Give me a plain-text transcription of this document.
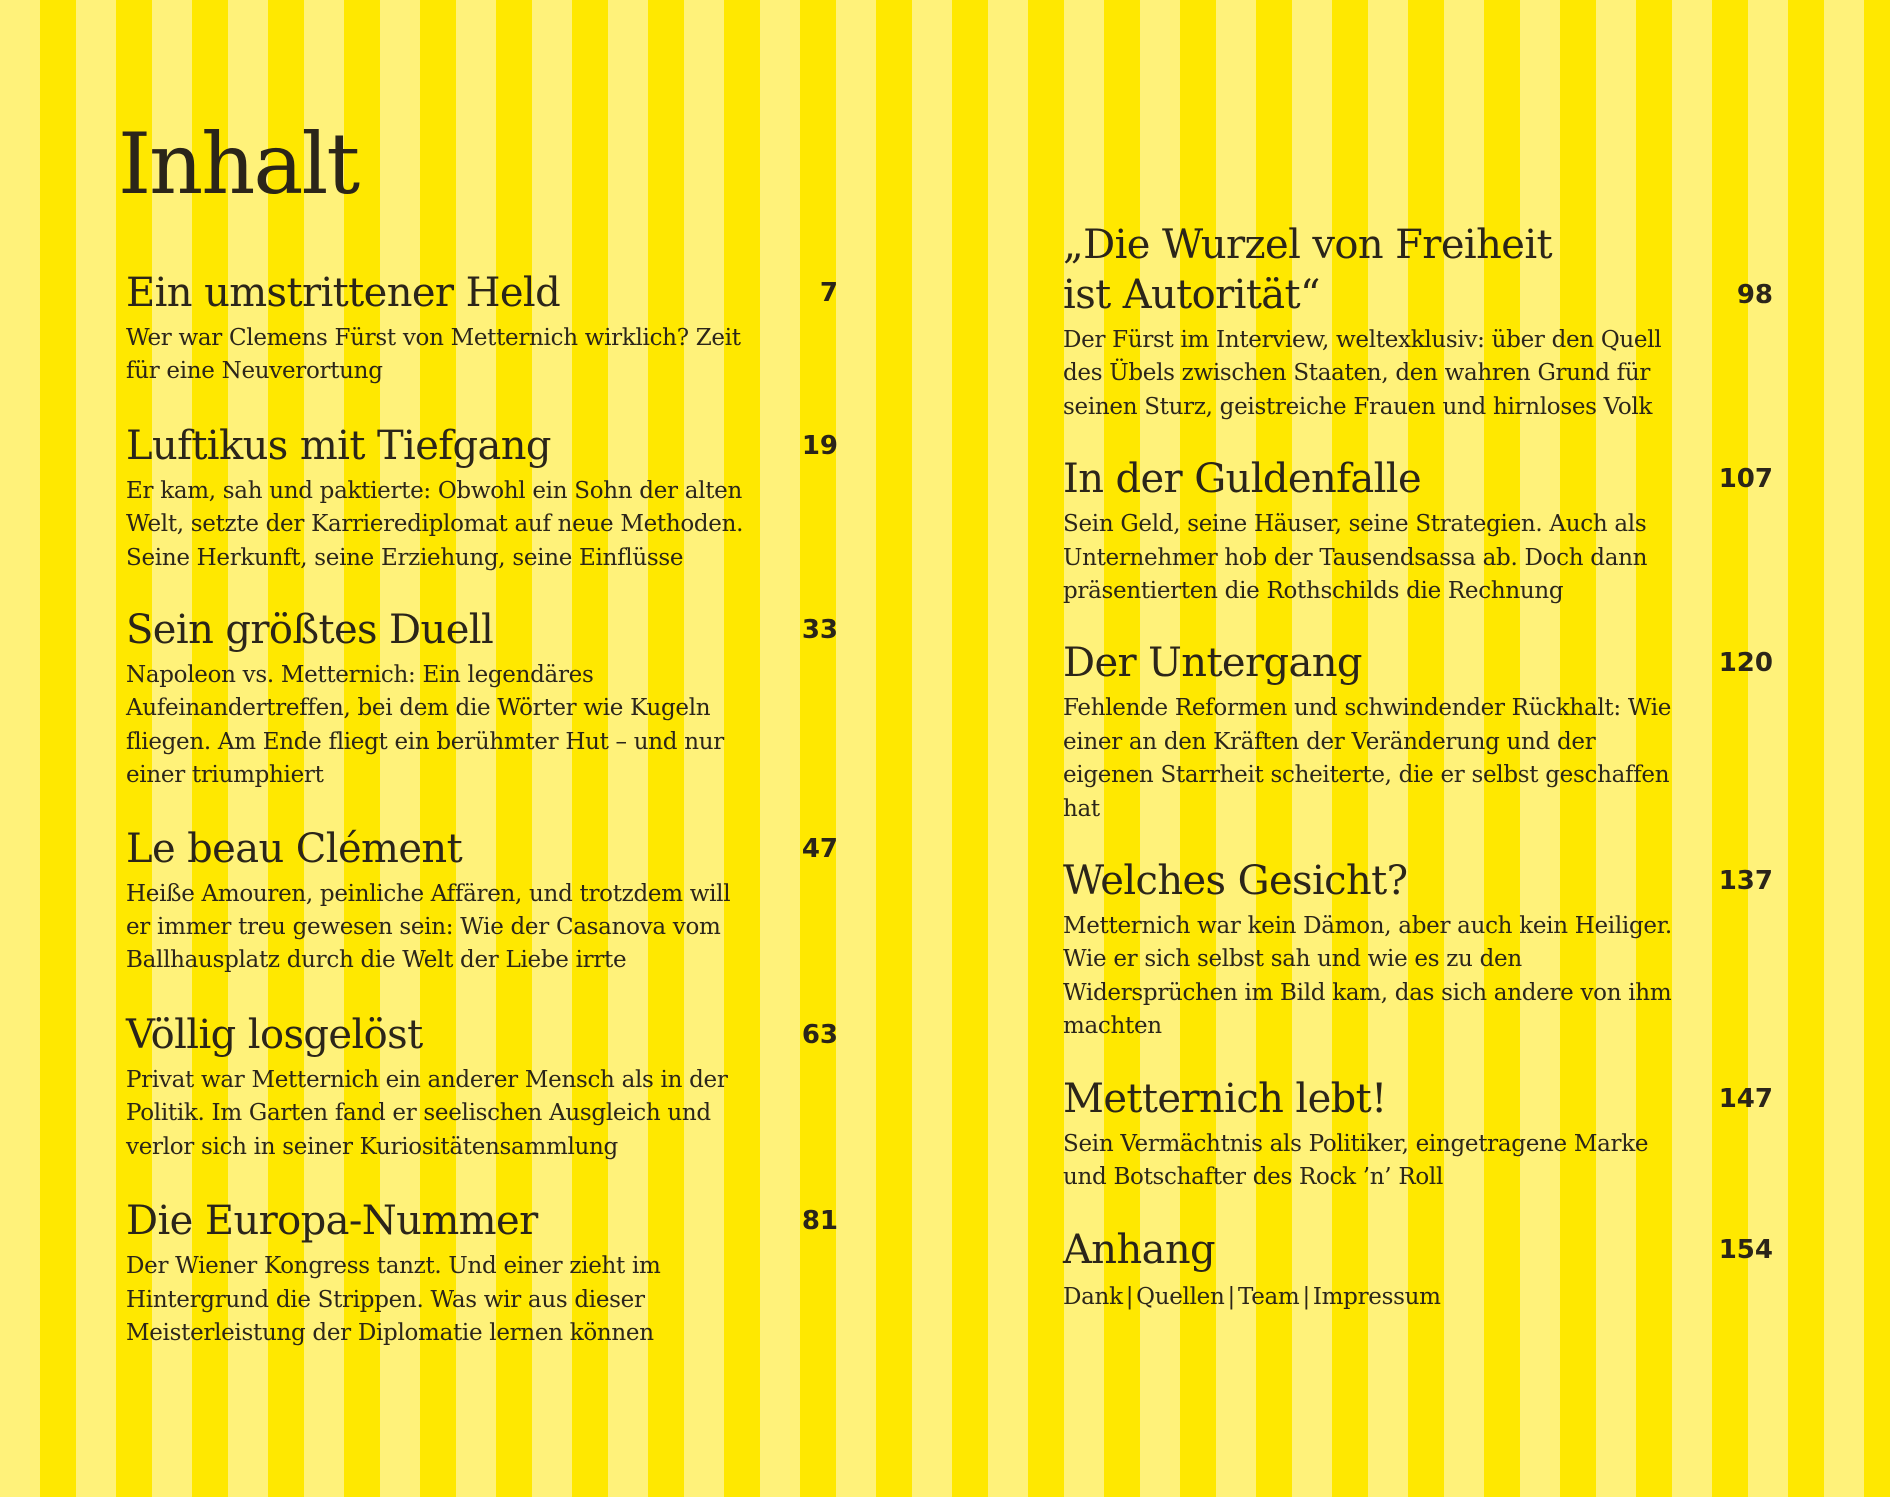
Inhalt
Ein umstrittener Held	7

Wer war Clemens Fürst von Metternich wirklich? Zeit für eine Neuverortung

Luftikus mit Tiefgang	19

Er kam, sah und paktierte: Obwohl ein Sohn der alten Welt, setzte der Karrierediplomat auf neue Methoden. Seine Herkunft, seine Erziehung, seine Einflüsse

Sein größtes Duell	33

Napoleon vs. Metternich: Ein legendäres Aufeinandertreffen, bei dem die Wörter wie Kugeln fliegen. Am Ende fliegt ein berühmter Hut – und nur einer triumphiert

Le beau Clément	47

Heiße Amouren, peinliche Affären, und trotzdem will er immer treu gewesen sein: Wie der Casanova vom Ballhausplatz durch die Welt der Liebe irrte

Völlig losgelöst	63

Privat war Metternich ein anderer Mensch als in der Politik. Im Garten fand er seelischen Ausgleich und verlor sich in seiner Kuriositätensammlung

Die Europa-Nummer	81

Der Wiener Kongress tanzt. Und einer zieht im Hintergrund die Strippen. Was wir aus dieser Meisterleistung der Diplomatie lernen können

„Die Wurzel von Freiheit
ist Autorität“	98

Der Fürst im Interview, weltexklusiv: über den Quell des Übels zwischen Staaten, den wahren Grund für seinen Sturz, geistreiche Frauen und hirnloses Volk

In der Guldenfalle	107

Sein Geld, seine Häuser, seine Strategien. Auch als Unternehmer hob der Tausendsassa ab. Doch dann präsentierten die Rothschilds die Rechnung

Der Untergang	120

Fehlende Reformen und schwindender Rückhalt: Wie einer an den Kräften der Veränderung und der eigenen Starrheit scheiterte, die er selbst geschaffen hat

Welches Gesicht?	137

Metternich war kein Dämon, aber auch kein Heiliger. Wie er sich selbst sah und wie es zu den Widersprüchen im Bild kam, das sich andere von ihm machten

Metternich lebt!	147

Sein Vermächtnis als Politiker, eingetragene Marke und Botschafter des Rock ’n’ Roll

Anhang	154

Dank | Quellen | Team | Impressum
